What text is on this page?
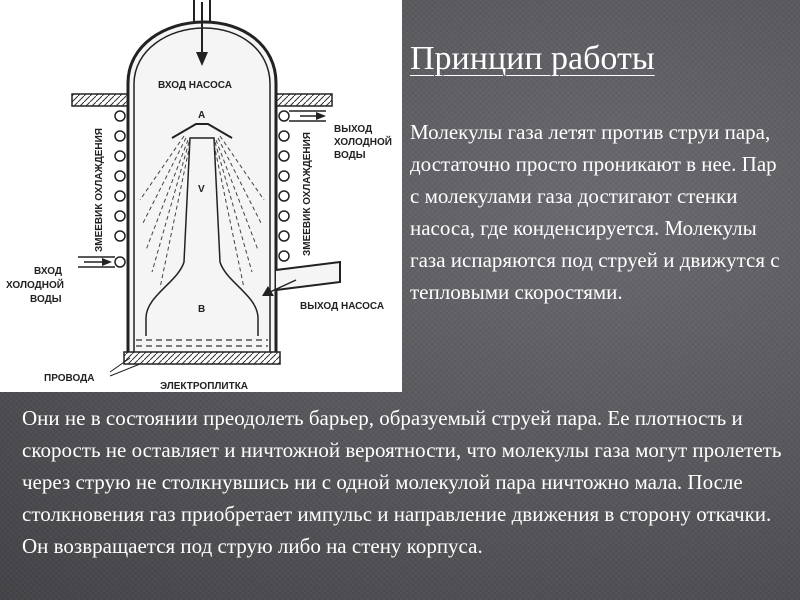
ВХОД НАСОСА
A
V
B
ЗМЕЕВИК ОХЛАЖДЕНИЯ	ЗМЕЕВИК ОХЛАЖДЕНИЯ
ВЫХОД
ХОЛОДНОЙ
ВОДЫ
ВХОД
ХОЛОДНОЙ
ВОДЫ
ВЫХОД НАСОСА
ПРОВОДА
ЭЛЕКТРОПЛИТКА
Принцип работы

Молекулы газа летят против струи пара, достаточно просто проникают в нее. Пар с молекулами газа достигают стенки насоса, где конденсируется. Молекулы газа испаряются под струей и движутся с тепловыми скоростями.

Они не в состоянии преодолеть барьер, образуемый струей пара. Ее плотность и скорость не оставляет и ничтожной вероятности, что молекулы газа могут пролететь через струю не столкнувшись ни с одной молекулой пара ничтожно мала. После столкновения газ приобретает импульс и направление движения в сторону откачки. Он возвращается под струю либо на стену корпуса.
